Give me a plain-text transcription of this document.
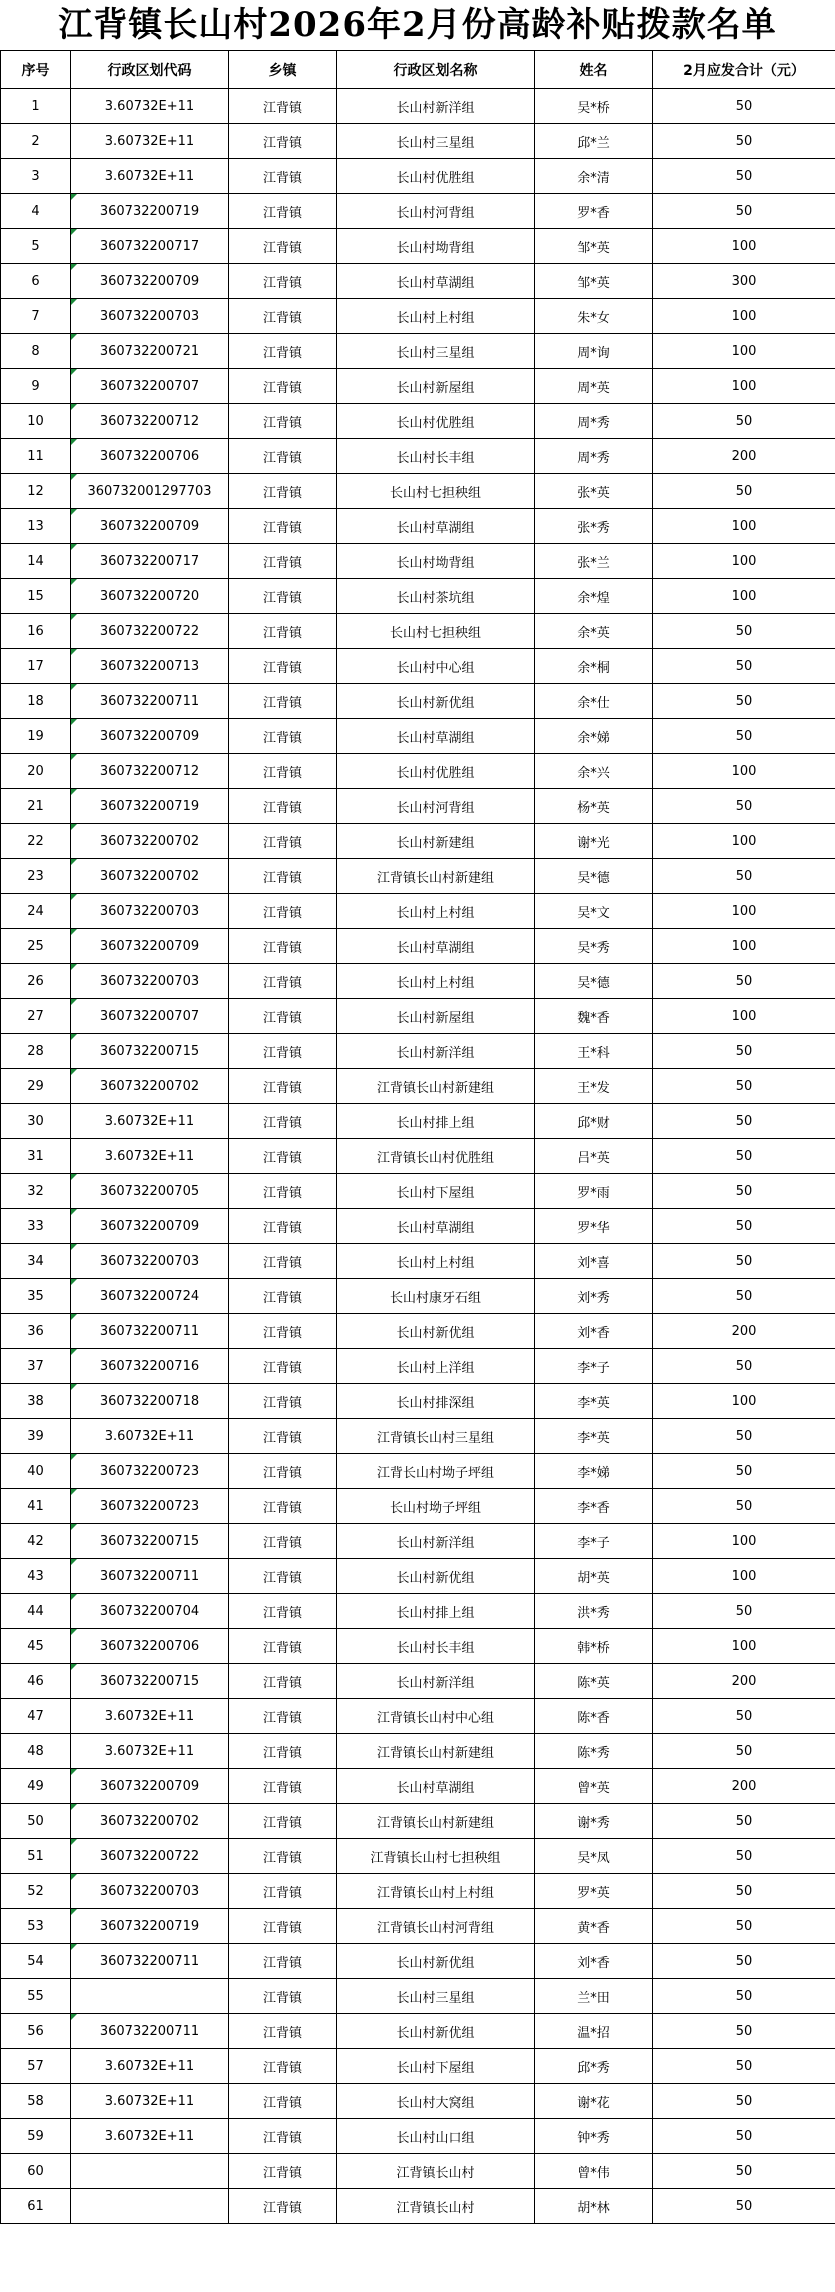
江背镇长山村2026年2月份高龄补贴拨款名单
序号	行政区划代码	乡镇	行政区划名称	姓名	2月应发合计（元）
1	3.60732E+11	江背镇	长山村新洋组	吴*桥	50
2	3.60732E+11	江背镇	长山村三星组	邱*兰	50
3	3.60732E+11	江背镇	长山村优胜组	余*清	50
4	360732200719	江背镇	长山村河背组	罗*香	50
5	360732200717	江背镇	长山村坳背组	邹*英	100
6	360732200709	江背镇	长山村草湖组	邹*英	300
7	360732200703	江背镇	长山村上村组	朱*女	100
8	360732200721	江背镇	长山村三星组	周*询	100
9	360732200707	江背镇	长山村新屋组	周*英	100
10	360732200712	江背镇	长山村优胜组	周*秀	50
11	360732200706	江背镇	长山村长丰组	周*秀	200
12	360732001297703	江背镇	长山村七担秧组	张*英	50
13	360732200709	江背镇	长山村草湖组	张*秀	100
14	360732200717	江背镇	长山村坳背组	张*兰	100
15	360732200720	江背镇	长山村茶坑组	余*煌	100
16	360732200722	江背镇	长山村七担秧组	余*英	50
17	360732200713	江背镇	长山村中心组	余*桐	50
18	360732200711	江背镇	长山村新优组	余*仕	50
19	360732200709	江背镇	长山村草湖组	余*娣	50
20	360732200712	江背镇	长山村优胜组	余*兴	100
21	360732200719	江背镇	长山村河背组	杨*英	50
22	360732200702	江背镇	长山村新建组	谢*光	100
23	360732200702	江背镇	江背镇长山村新建组	吴*德	50
24	360732200703	江背镇	长山村上村组	吴*文	100
25	360732200709	江背镇	长山村草湖组	吴*秀	100
26	360732200703	江背镇	长山村上村组	吴*德	50
27	360732200707	江背镇	长山村新屋组	魏*香	100
28	360732200715	江背镇	长山村新洋组	王*科	50
29	360732200702	江背镇	江背镇长山村新建组	王*发	50
30	3.60732E+11	江背镇	长山村排上组	邱*财	50
31	3.60732E+11	江背镇	江背镇长山村优胜组	吕*英	50
32	360732200705	江背镇	长山村下屋组	罗*雨	50
33	360732200709	江背镇	长山村草湖组	罗*华	50
34	360732200703	江背镇	长山村上村组	刘*喜	50
35	360732200724	江背镇	长山村康牙石组	刘*秀	50
36	360732200711	江背镇	长山村新优组	刘*香	200
37	360732200716	江背镇	长山村上洋组	李*子	50
38	360732200718	江背镇	长山村排深组	李*英	100
39	3.60732E+11	江背镇	江背镇长山村三星组	李*英	50
40	360732200723	江背镇	江背长山村坳子坪组	李*娣	50
41	360732200723	江背镇	长山村坳子坪组	李*香	50
42	360732200715	江背镇	长山村新洋组	李*子	100
43	360732200711	江背镇	长山村新优组	胡*英	100
44	360732200704	江背镇	长山村排上组	洪*秀	50
45	360732200706	江背镇	长山村长丰组	韩*桥	100
46	360732200715	江背镇	长山村新洋组	陈*英	200
47	3.60732E+11	江背镇	江背镇长山村中心组	陈*香	50
48	3.60732E+11	江背镇	江背镇长山村新建组	陈*秀	50
49	360732200709	江背镇	长山村草湖组	曾*英	200
50	360732200702	江背镇	江背镇长山村新建组	谢*秀	50
51	360732200722	江背镇	江背镇长山村七担秧组	吴*凤	50
52	360732200703	江背镇	江背镇长山村上村组	罗*英	50
53	360732200719	江背镇	江背镇长山村河背组	黄*香	50
54	360732200711	江背镇	长山村新优组	刘*香	50
55		江背镇	长山村三星组	兰*田	50
56	360732200711	江背镇	长山村新优组	温*招	50
57	3.60732E+11	江背镇	长山村下屋组	邱*秀	50
58	3.60732E+11	江背镇	长山村大窝组	谢*花	50
59	3.60732E+11	江背镇	长山村山口组	钟*秀	50
60		江背镇	江背镇长山村	曾*伟	50
61		江背镇	江背镇长山村	胡*林	50
